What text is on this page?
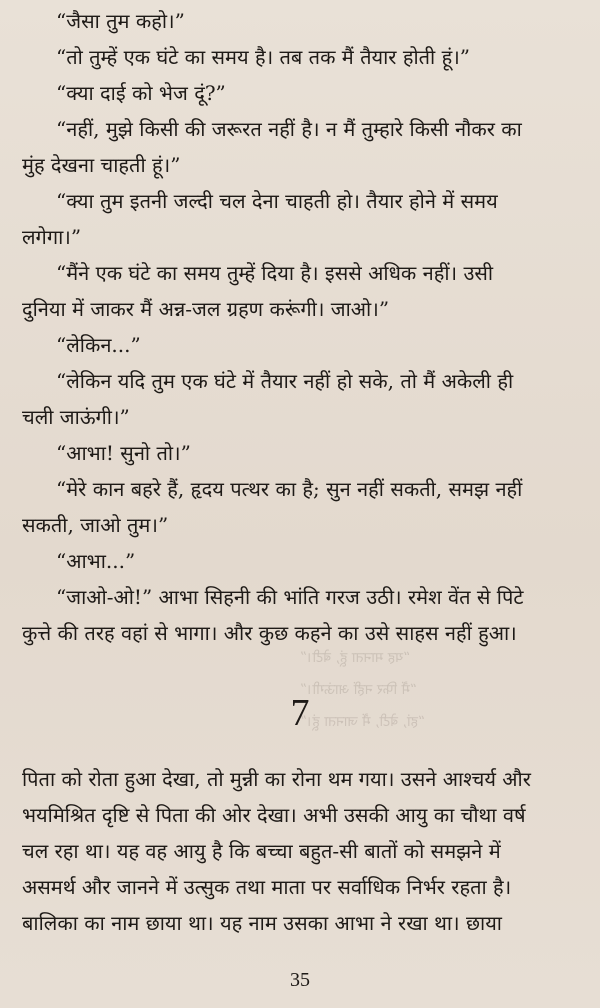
“यह मानता हूं, बेटी।”
“मैं फिर नहीं आऊंगी।”
“हां, बेटी, मैं जानता हूं।”

“जैसा तुम कहो।”

“तो तुम्हें एक घंटे का समय है। तब तक मैं तैयार होती हूं।”

“क्या दाई को भेज दूं?”

“नहीं, मुझे किसी की जरूरत नहीं है। न मैं तुम्हारे किसी नौकर का

मुंह देखना चाहती हूं।”

“क्या तुम इतनी जल्दी चल देना चाहती हो। तैयार होने में समय

लगेगा।”

“मैंने एक घंटे का समय तुम्हें दिया है। इससे अधिक नहीं। उसी

दुनिया में जाकर मैं अन्न-जल ग्रहण करूंगी। जाओ।”

“लेकिन...”

“लेकिन यदि तुम एक घंटे में तैयार नहीं हो सके, तो मैं अकेली ही

चली जाऊंगी।”

“आभा! सुनो तो।”

“मेरे कान बहरे हैं, हृदय पत्थर का है; सुन नहीं सकती, समझ नहीं

सकती, जाओ तुम।”

“आभा...”

“जाओ-ओ!” आभा सिहनी की भांति गरज उठी। रमेश वेंत से पिटे

कुत्ते की तरह वहां से भागा। और कुछ कहने का उसे साहस नहीं हुआ।

7

पिता को रोता हुआ देखा, तो मुन्नी का रोना थम गया। उसने आश्चर्य और

भयमिश्रित दृष्टि से पिता की ओर देखा। अभी उसकी आयु का चौथा वर्ष

चल रहा था। यह वह आयु है कि बच्चा बहुत-सी बातों को समझने में

असमर्थ और जानने में उत्सुक तथा माता पर सर्वाधिक निर्भर रहता है।

बालिका का नाम छाया था। यह नाम उसका आभा ने रखा था। छाया

35
